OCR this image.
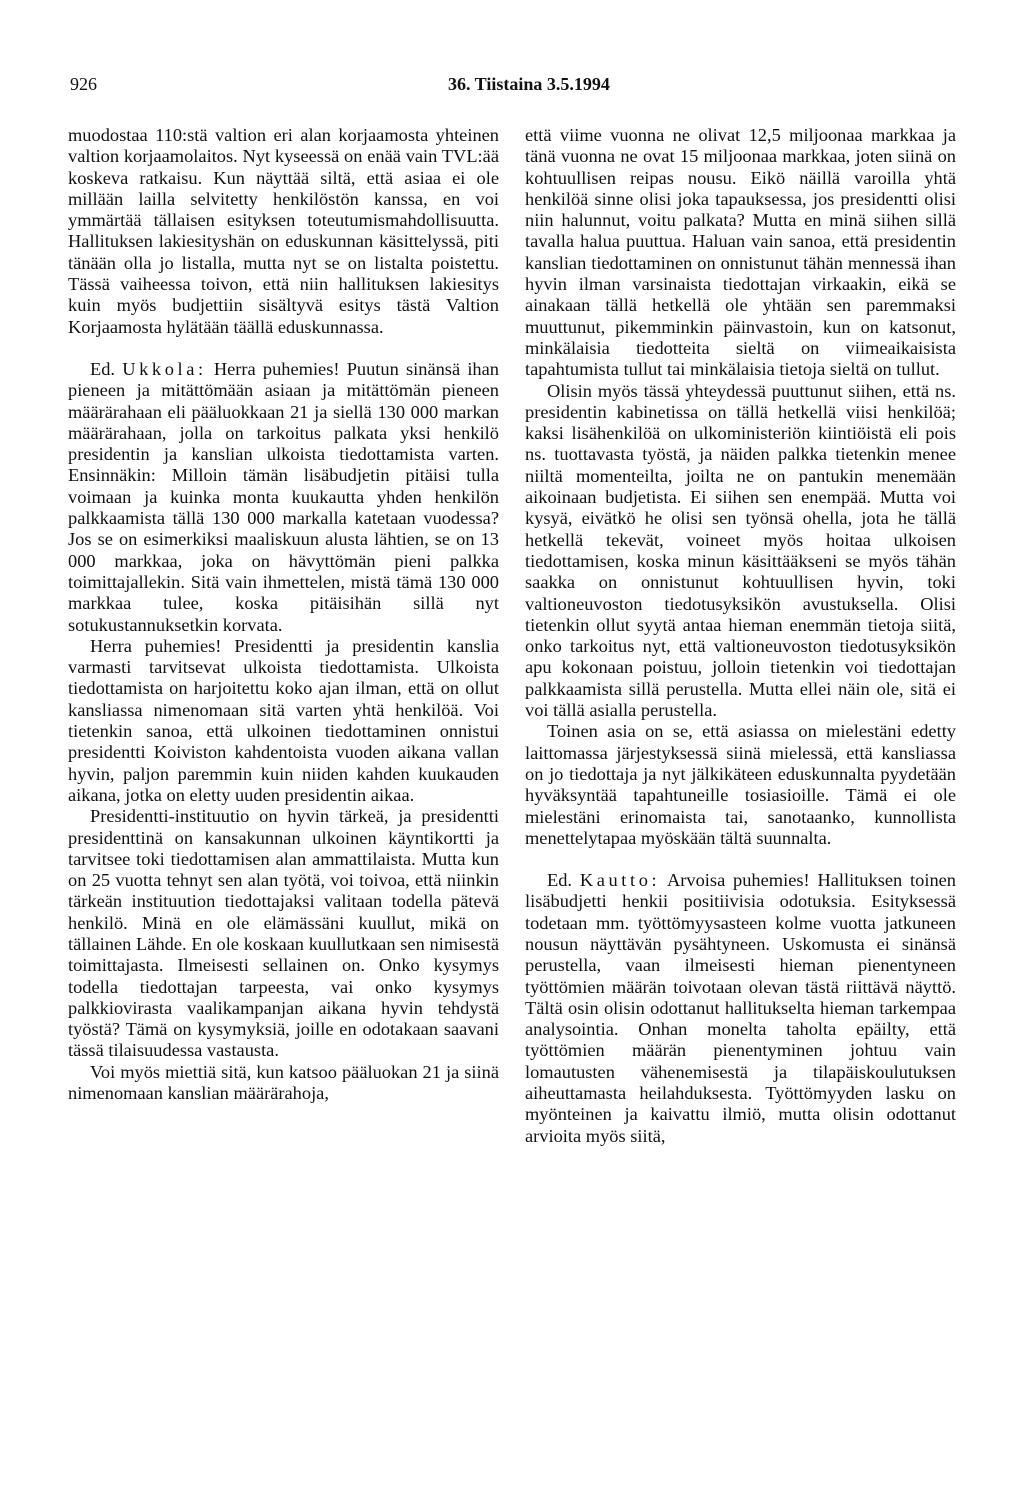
926	36. Tiistaina 3.5.1994

muodostaa 110:stä valtion eri alan korjaamosta yhteinen valtion korjaamolaitos. Nyt kyseessä on enää vain TVL:ää koskeva ratkaisu. Kun näyttää siltä, että asiaa ei ole millään lailla selvitetty henkilöstön kanssa, en voi ymmärtää tällaisen esityksen toteutumismahdollisuutta. Hallituksen lakiesityshän on eduskunnan käsittelyssä, piti tänään olla jo listalla, mutta nyt se on listalta poistettu. Tässä vaiheessa toivon, että niin hallituksen lakiesitys kuin myös budjettiin sisältyvä esitys tästä Valtion Korjaamosta hylätään täällä eduskunnassa.

Ed. Ukkola: Herra puhemies! Puutun sinänsä ihan pieneen ja mitättömään asiaan ja mitättömän pieneen määrärahaan eli pääluokkaan 21 ja siellä 130 000 markan määrärahaan, jolla on tarkoitus palkata yksi henkilö presidentin ja kanslian ulkoista tiedottamista varten. Ensinnäkin: Milloin tämän lisäbudjetin pitäisi tulla voimaan ja kuinka monta kuukautta yhden henkilön palkkaamista tällä 130 000 markalla katetaan vuodessa? Jos se on esimerkiksi maaliskuun alusta lähtien, se on 13 000 markkaa, joka on hävyttömän pieni palkka toimittajallekin. Sitä vain ihmettelen, mistä tämä 130 000 markkaa tulee, koska pitäisihän sillä nyt sotukustannuksetkin korvata.

Herra puhemies! Presidentti ja presidentin kanslia varmasti tarvitsevat ulkoista tiedottamista. Ulkoista tiedottamista on harjoitettu koko ajan ilman, että on ollut kansliassa nimenomaan sitä varten yhtä henkilöä. Voi tietenkin sanoa, että ulkoinen tiedottaminen onnistui presidentti Koiviston kahdentoista vuoden aikana vallan hyvin, paljon paremmin kuin niiden kahden kuukauden aikana, jotka on eletty uuden presidentin aikaa.

Presidentti-instituutio on hyvin tärkeä, ja presidentti presidenttinä on kansakunnan ulkoinen käyntikortti ja tarvitsee toki tiedottamisen alan ammattilaista. Mutta kun on 25 vuotta tehnyt sen alan työtä, voi toivoa, että niinkin tärkeän instituution tiedottajaksi valitaan todella pätevä henkilö. Minä en ole elämässäni kuullut, mikä on tällainen Lähde. En ole koskaan kuullutkaan sen nimisestä toimittajasta. Ilmeisesti sellainen on. Onko kysymys todella tiedottajan tarpeesta, vai onko kysymys palkkiovirasta vaalikampanjan aikana hyvin tehdystä työstä? Tämä on kysymyksiä, joille en odotakaan saavani tässä tilaisuudessa vastausta.

Voi myös miettiä sitä, kun katsoo pääluokan 21 ja siinä nimenomaan kanslian määrärahoja,

että viime vuonna ne olivat 12,5 miljoonaa markkaa ja tänä vuonna ne ovat 15 miljoonaa markkaa, joten siinä on kohtuullisen reipas nousu. Eikö näillä varoilla yhtä henkilöä sinne olisi joka tapauksessa, jos presidentti olisi niin halunnut, voitu palkata? Mutta en minä siihen sillä tavalla halua puuttua. Haluan vain sanoa, että presidentin kanslian tiedottaminen on onnistunut tähän mennessä ihan hyvin ilman varsinaista tiedottajan virkaakin, eikä se ainakaan tällä hetkellä ole yhtään sen paremmaksi muuttunut, pikemminkin päinvastoin, kun on katsonut, minkälaisia tiedotteita sieltä on viimeaikaisista tapahtumista tullut tai minkälaisia tietoja sieltä on tullut.

Olisin myös tässä yhteydessä puuttunut siihen, että ns. presidentin kabinetissa on tällä hetkellä viisi henkilöä; kaksi lisähenkilöä on ulkoministeriön kiintiöistä eli pois ns. tuottavasta työstä, ja näiden palkka tietenkin menee niiltä momenteilta, joilta ne on pantukin menemään aikoinaan budjetista. Ei siihen sen enempää. Mutta voi kysyä, eivätkö he olisi sen työnsä ohella, jota he tällä hetkellä tekevät, voineet myös hoitaa ulkoisen tiedottamisen, koska minun käsittääkseni se myös tähän saakka on onnistunut kohtuullisen hyvin, toki valtioneuvoston tiedotusyksikön avustuksella. Olisi tietenkin ollut syytä antaa hieman enemmän tietoja siitä, onko tarkoitus nyt, että valtioneuvoston tiedotusyksikön apu kokonaan poistuu, jolloin tietenkin voi tiedottajan palkkaamista sillä perustella. Mutta ellei näin ole, sitä ei voi tällä asialla perustella.

Toinen asia on se, että asiassa on mielestäni edetty laittomassa järjestyksessä siinä mielessä, että kansliassa on jo tiedottaja ja nyt jälkikäteen eduskunnalta pyydetään hyväksyntää tapahtuneille tosiasioille. Tämä ei ole mielestäni erinomaista tai, sanotaanko, kunnollista menettelytapaa myöskään tältä suunnalta.

Ed. Kautto: Arvoisa puhemies! Hallituksen toinen lisäbudjetti henkii positiivisia odotuksia. Esityksessä todetaan mm. työttömyysasteen kolme vuotta jatkuneen nousun näyttävän pysähtyneen. Uskomusta ei sinänsä perustella, vaan ilmeisesti hieman pienentyneen työttömien määrän toivotaan olevan tästä riittävä näyttö. Tältä osin olisin odottanut hallitukselta hieman tarkempaa analysointia. Onhan monelta taholta epäilty, että työttömien määrän pienentyminen johtuu vain lomautusten vähenemisestä ja tilapäiskoulutuksen aiheuttamasta heilahduksesta. Työttömyyden lasku on myönteinen ja kaivattu ilmiö, mutta olisin odottanut arvioita myös siitä,
